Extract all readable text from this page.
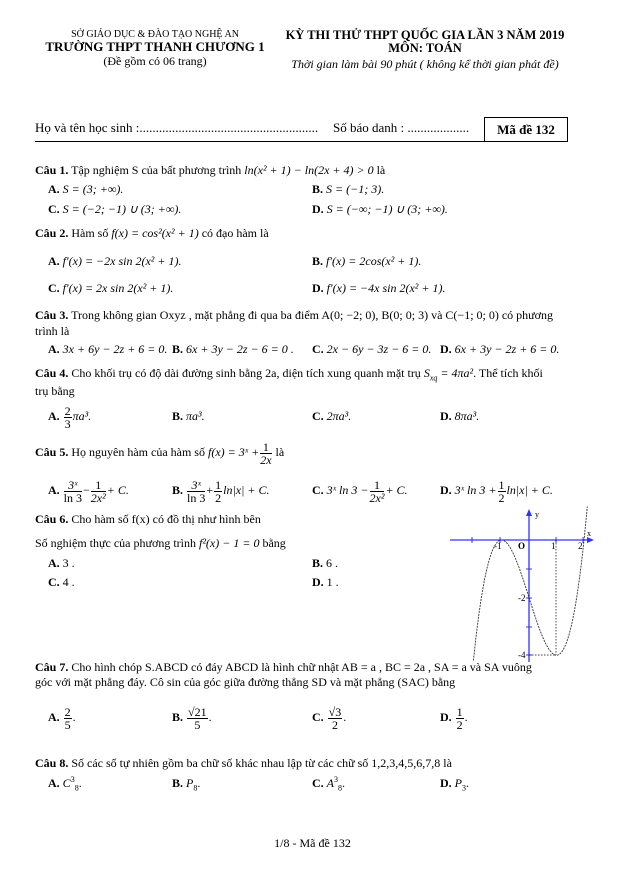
SỞ GIÁO DỤC & ĐÀO TẠO NGHỆ AN
TRƯỜNG THPT THANH CHƯƠNG 1
(Đề gồm có 06 trang)
KỲ THI THỬ THPT QUỐC GIA LẦN 3 NĂM 2019
MÔN: TOÁN
Thời gian làm bài 90 phút ( không kể thời gian phát đề)
Họ và tên học sinh :....................................................... Số báo danh : ...................	Mã đề 132
Câu 1. Tập nghiệm S của bất phương trình ln(x² + 1) − ln(2x + 4) > 0 là
A. S = (3; +∞).	B. S = (−1; 3).
C. S = (−2; −1) ∪ (3; +∞).	D. S = (−∞; −1) ∪ (3; +∞).
Câu 2. Hàm số f(x) = cos²(x² + 1) có đạo hàm là
A. f′(x) = −2x sin 2(x² + 1).	B. f′(x) = 2cos(x² + 1).
C. f′(x) = 2x sin 2(x² + 1).	D. f′(x) = −4x sin 2(x² + 1).
Câu 3. Trong không gian Oxyz , mặt phẳng đi qua ba điểm A(0; −2; 0), B(0; 0; 3) và C(−1; 0; 0) có phương
trình là
A. 3x + 6y − 2z + 6 = 0. B. 6x + 3y − 2z − 6 = 0 . C. 2x − 6y − 3z − 6 = 0. D. 6x + 3y − 2z + 6 = 0.
Câu 4. Cho khối trụ có độ dài đường sinh bằng 2a, diện tích xung quanh mặt trụ $S_{xq} = 4\pi a^2$. Thể tích khối
trụ bằng
A. $\frac{2}{3} \pi a^3$.	B. πa³.	C. 2πa³.	D. 8πa³.
Câu 5. Họ nguyên hàm của hàm số f(x) = 3ˣ + $\frac{1}{2x}$ là
A. $\frac{\text{3ˣ}}{\ln 3} - \frac{1}{\text{2x²}} + C$.	B. $\frac{\text{3ˣ}}{\ln 3} + \frac{1}{2} \ln|x| + C$.	C. 3ˣ $\ln 3 - \frac{1}{\text{2x²}} + C$.	D. 3ˣ $\ln 3 + \frac{1}{2} \ln|x| + C$.
Câu 6. Cho hàm số f(x) có đồ thị như hình bên
Số nghiệm thực của phương trình f²(x) − 1 = 0 bằng
A. 3 .	B. 6 .
C. 4 .	D. 1 .
-1 O	1	2
-2
-4
x
y
Câu 7. Cho hình chóp S.ABCD có đáy ABCD là hình chữ nhật AB = a , BC = 2a , SA = a và SA vuông
góc với mặt phẳng đáy. Cô sin của góc giữa đường thẳng SD và mặt phẳng (SAC) bằng
A. $\frac{2}{5}$ .	B. $\frac{√21}{5}$ .	C. $\frac{√3}{2}$ .	D. $\frac{1}{2}$ .
Câu 8. Số các số tự nhiên gồm ba chữ số khác nhau lập từ các chữ số 1,2,3,4,5,6,7,8 là
A. $C^3_8$.	B. $P_8$.	C. $A^3_8$.	D. $P_3$.
1/8 - Mã đề 132
